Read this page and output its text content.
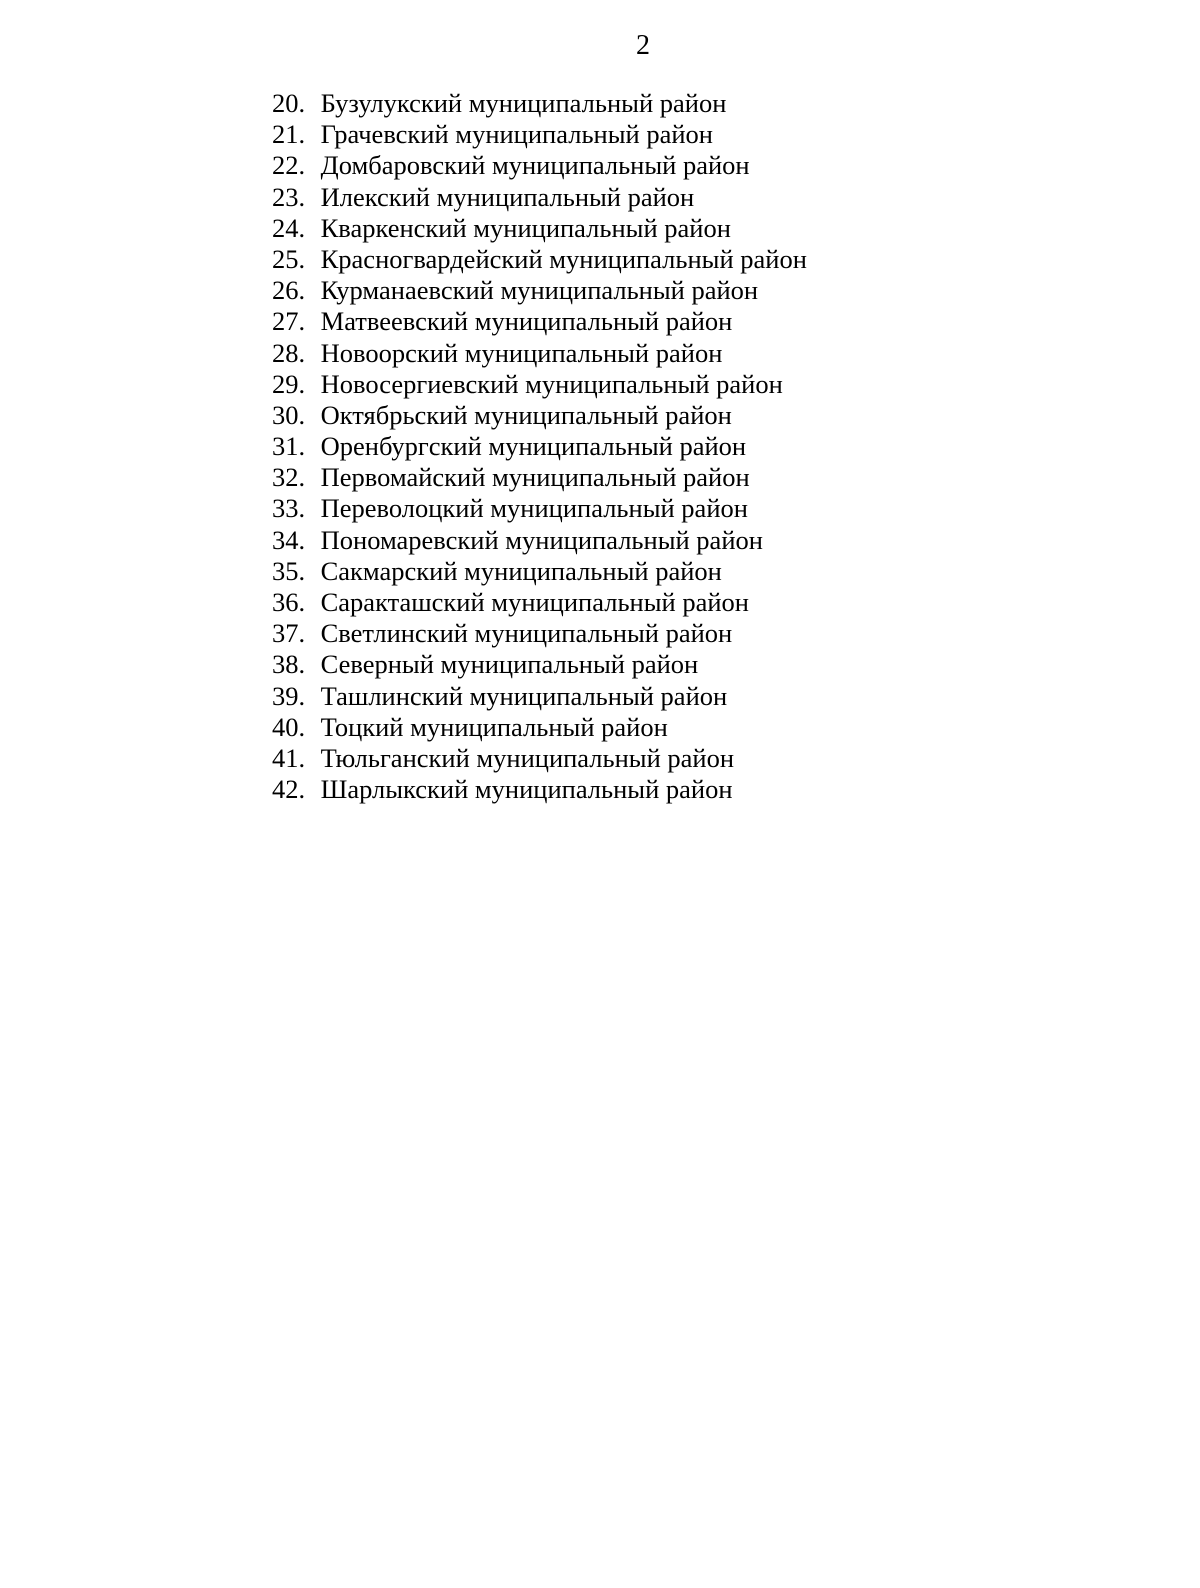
2
20. Бузулукский муниципальный район
21. Грачевский муниципальный район
22. Домбаровский муниципальный район
23. Илекский муниципальный район
24. Кваркенский муниципальный район
25. Красногвардейский муниципальный район
26. Курманаевский муниципальный район
27. Матвеевский муниципальный район
28. Новоорский муниципальный район
29. Новосергиевский муниципальный район
30. Октябрьский муниципальный район
31. Оренбургский муниципальный район
32. Первомайский муниципальный район
33. Переволоцкий муниципальный район
34. Пономаревский муниципальный район
35. Сакмарский муниципальный район
36. Саракташский муниципальный район
37. Светлинский муниципальный район
38. Северный муниципальный район
39. Ташлинский муниципальный район
40. Тоцкий муниципальный район
41. Тюльганский муниципальный район
42. Шарлыкский муниципальный район
